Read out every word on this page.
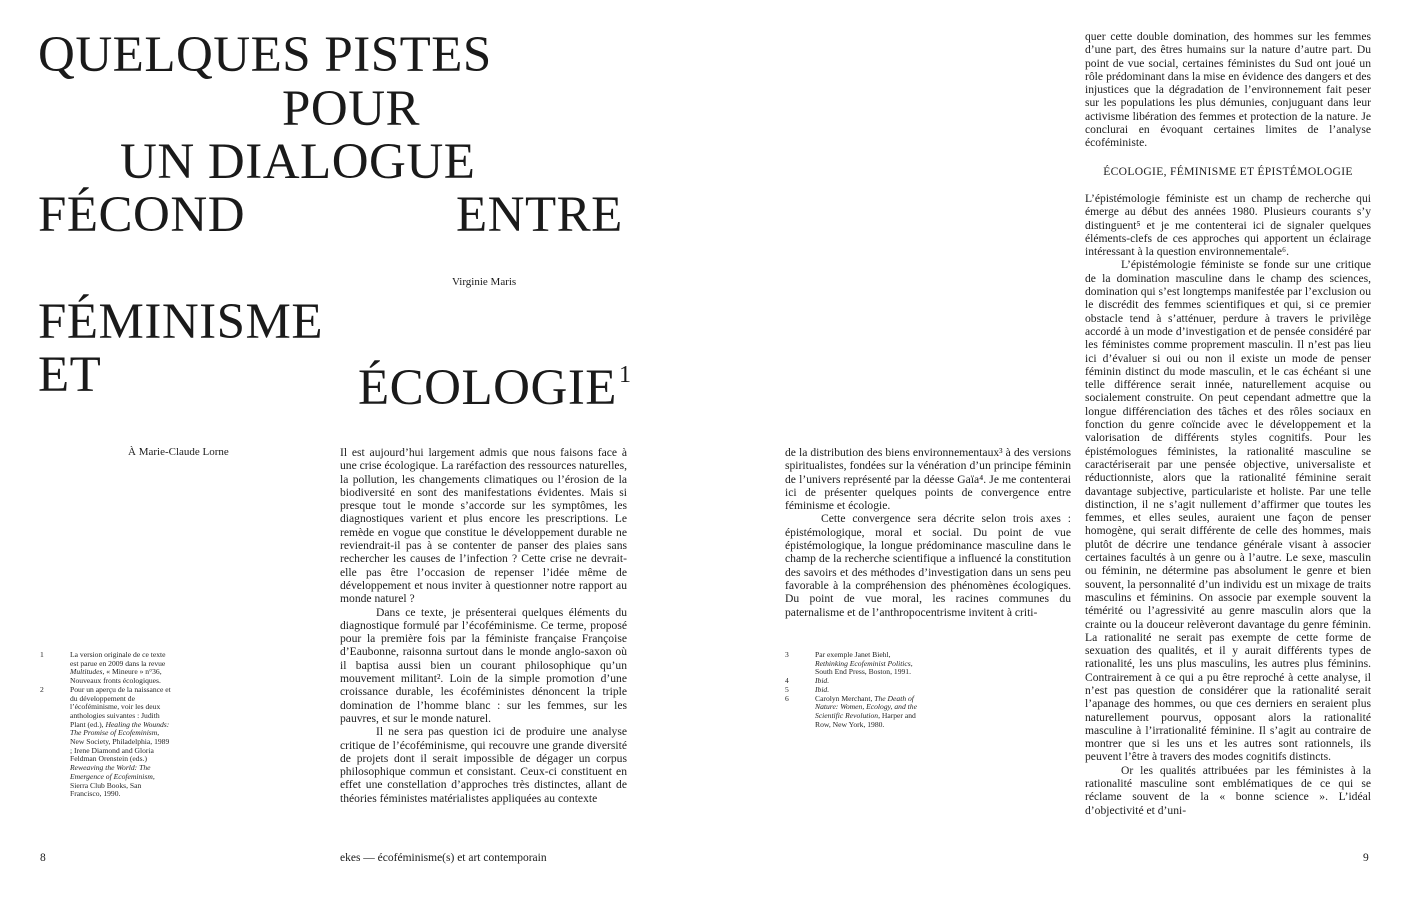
QUELQUES PISTES
POUR
UN DIALOGUE
FÉCOND	ENTRE
FÉMINISME
ET	ÉCOLOGIE$^1$
Virginie Maris
À Marie-Claude Lorne	Il est aujourd’hui largement admis que nous faisons face à une crise écologique. La raréfaction des ressources naturelles, la pollution, les changements climatiques ou l’érosion de la biodiversité en sont des manifestations évidentes. Mais si presque tout le monde s’accorde sur les symptômes, les diagnostiques varient et plus encore les prescriptions. Le remède en vogue que constitue le développement durable ne reviendrait-il pas à se contenter de panser des plaies sans rechercher les causes de l’infection ? Cette crise ne devrait-elle pas être l’occasion de repenser l’idée même de développement et nous inviter à questionner notre rapport au monde naturel ?

Dans ce texte, je présenterai quelques éléments du diagnostique formulé par l’écoféminisme. Ce terme, proposé pour la première fois par la féministe française Françoise d’Eaubonne, raisonna surtout dans le monde anglo-saxon où il baptisa aussi bien un courant philosophique qu’un mouvement militant². Loin de la simple promotion d’une croissance durable, les écoféministes dénoncent la triple domination de l’homme blanc : sur les femmes, sur les pauvres, et sur le monde naturel.

Il ne sera pas question ici de produire une analyse critique de l’écoféminisme, qui recouvre une grande diversité de projets dont il serait impossible de dégager un corpus philosophique commun et consistant. Ceux-ci constituent en effet une constellation d’approches très distinctes, allant de théories féministes matérialistes appliquées au contexte

1	La version originale de ce texte est parue en 2009 dans la revue Multitudes, « Mineure » n°36, Nouveaux fronts écologiques.
2	Pour un aperçu de la naissance et du développement de l’écoféminisme, voir les deux anthologies suivantes : Judith Plant (ed.), Healing the Wounds: The Promise of Ecofeminism, New Society, Philadelphia, 1989 ; Irene Diamond and Gloria Feldman Orenstein (eds.) Reweaving the World: The Emergence of Ecofeminism, Sierra Club Books, San Francisco, 1990.

de la distribution des biens environnementaux³ à des versions spiritualistes, fondées sur la vénération d’un principe féminin de l’univers représenté par la déesse Gaïa⁴. Je me contenterai ici de présenter quelques points de convergence entre féminisme et écologie.

Cette convergence sera décrite selon trois axes : épistémologique, moral et social. Du point de vue épistémologique, la longue prédominance masculine dans le champ de la recherche scientifique a influencé la constitution des savoirs et des méthodes d’investigation dans un sens peu favorable à la compréhension des phénomènes écologiques. Du point de vue moral, les racines communes du paternalisme et de l’anthropocentrisme invitent à criti-

3	Par exemple Janet Biehl, Rethinking Ecofeminist Politics, South End Press, Boston, 1991.
4	Ibid.
5	Ibid.
6	Carolyn Merchant, The Death of Nature: Women, Ecology, and the Scientific Revolution, Harper and Row, New York, 1980.

quer cette double domination, des hommes sur les femmes d’une part, des êtres humains sur la nature d’autre part. Du point de vue social, certaines féministes du Sud ont joué un rôle prédominant dans la mise en évidence des dangers et des injustices que la dégradation de l’environnement fait peser sur les populations les plus démunies, conjuguant dans leur activisme libération des femmes et protection de la nature. Je conclurai en évoquant certaines limites de l’analyse écoféministe.

ÉCOLOGIE, FÉMINISME ET ÉPISTÉMOLOGIE

L’épistémologie féministe est un champ de recherche qui émerge au début des années 1980. Plusieurs courants s’y distinguent⁵ et je me contenterai ici de signaler quelques éléments-clefs de ces approches qui apportent un éclairage intéressant à la question environnementale⁶.

L’épistémologie féministe se fonde sur une critique de la domination masculine dans le champ des sciences, domination qui s’est longtemps manifestée par l’exclusion ou le discrédit des femmes scientifiques et qui, si ce premier obstacle tend à s’atténuer, perdure à travers le privilège accordé à un mode d’investigation et de pensée considéré par les féministes comme proprement masculin. Il n’est pas lieu ici d’évaluer si oui ou non il existe un mode de penser féminin distinct du mode masculin, et le cas échéant si une telle différence serait innée, naturellement acquise ou socialement construite. On peut cependant admettre que la longue différenciation des tâches et des rôles sociaux en fonction du genre coïncide avec le développement et la valorisation de différents styles cognitifs. Pour les épistémologues féministes, la rationalité masculine se caractériserait par une pensée objective, universaliste et réductionniste, alors que la rationalité féminine serait davantage subjective, particulariste et holiste. Par une telle distinction, il ne s’agit nullement d’affirmer que toutes les femmes, et elles seules, auraient une façon de penser homogène, qui serait différente de celle des hommes, mais plutôt de décrire une tendance générale visant à associer certaines facultés à un genre ou à l’autre. Le sexe, masculin ou féminin, ne détermine pas absolument le genre et bien souvent, la personnalité d’un individu est un mixage de traits masculins et féminins. On associe par exemple souvent la témérité ou l’agressivité au genre masculin alors que la crainte ou la douceur relèveront davantage du genre féminin. La rationalité ne serait pas exempte de cette forme de sexuation des qualités, et il y aurait différents types de rationalité, les uns plus masculins, les autres plus féminins. Contrairement à ce qui a pu être reproché à cette analyse, il n’est pas question de considérer que la rationalité serait l’apanage des hommes, ou que ces derniers en seraient plus naturellement pourvus, opposant alors la rationalité masculine à l’irrationalité féminine. Il s’agit au contraire de montrer que si les uns et les autres sont rationnels, ils peuvent l’être à travers des modes cognitifs distincts.

Or les qualités attribuées par les féministes à la rationalité masculine sont emblématiques de ce qui se réclame souvent de la « bonne science ». L’idéal d’objectivité et d’uni-

8	ekes — écoféminisme(s) et art contemporain	9
